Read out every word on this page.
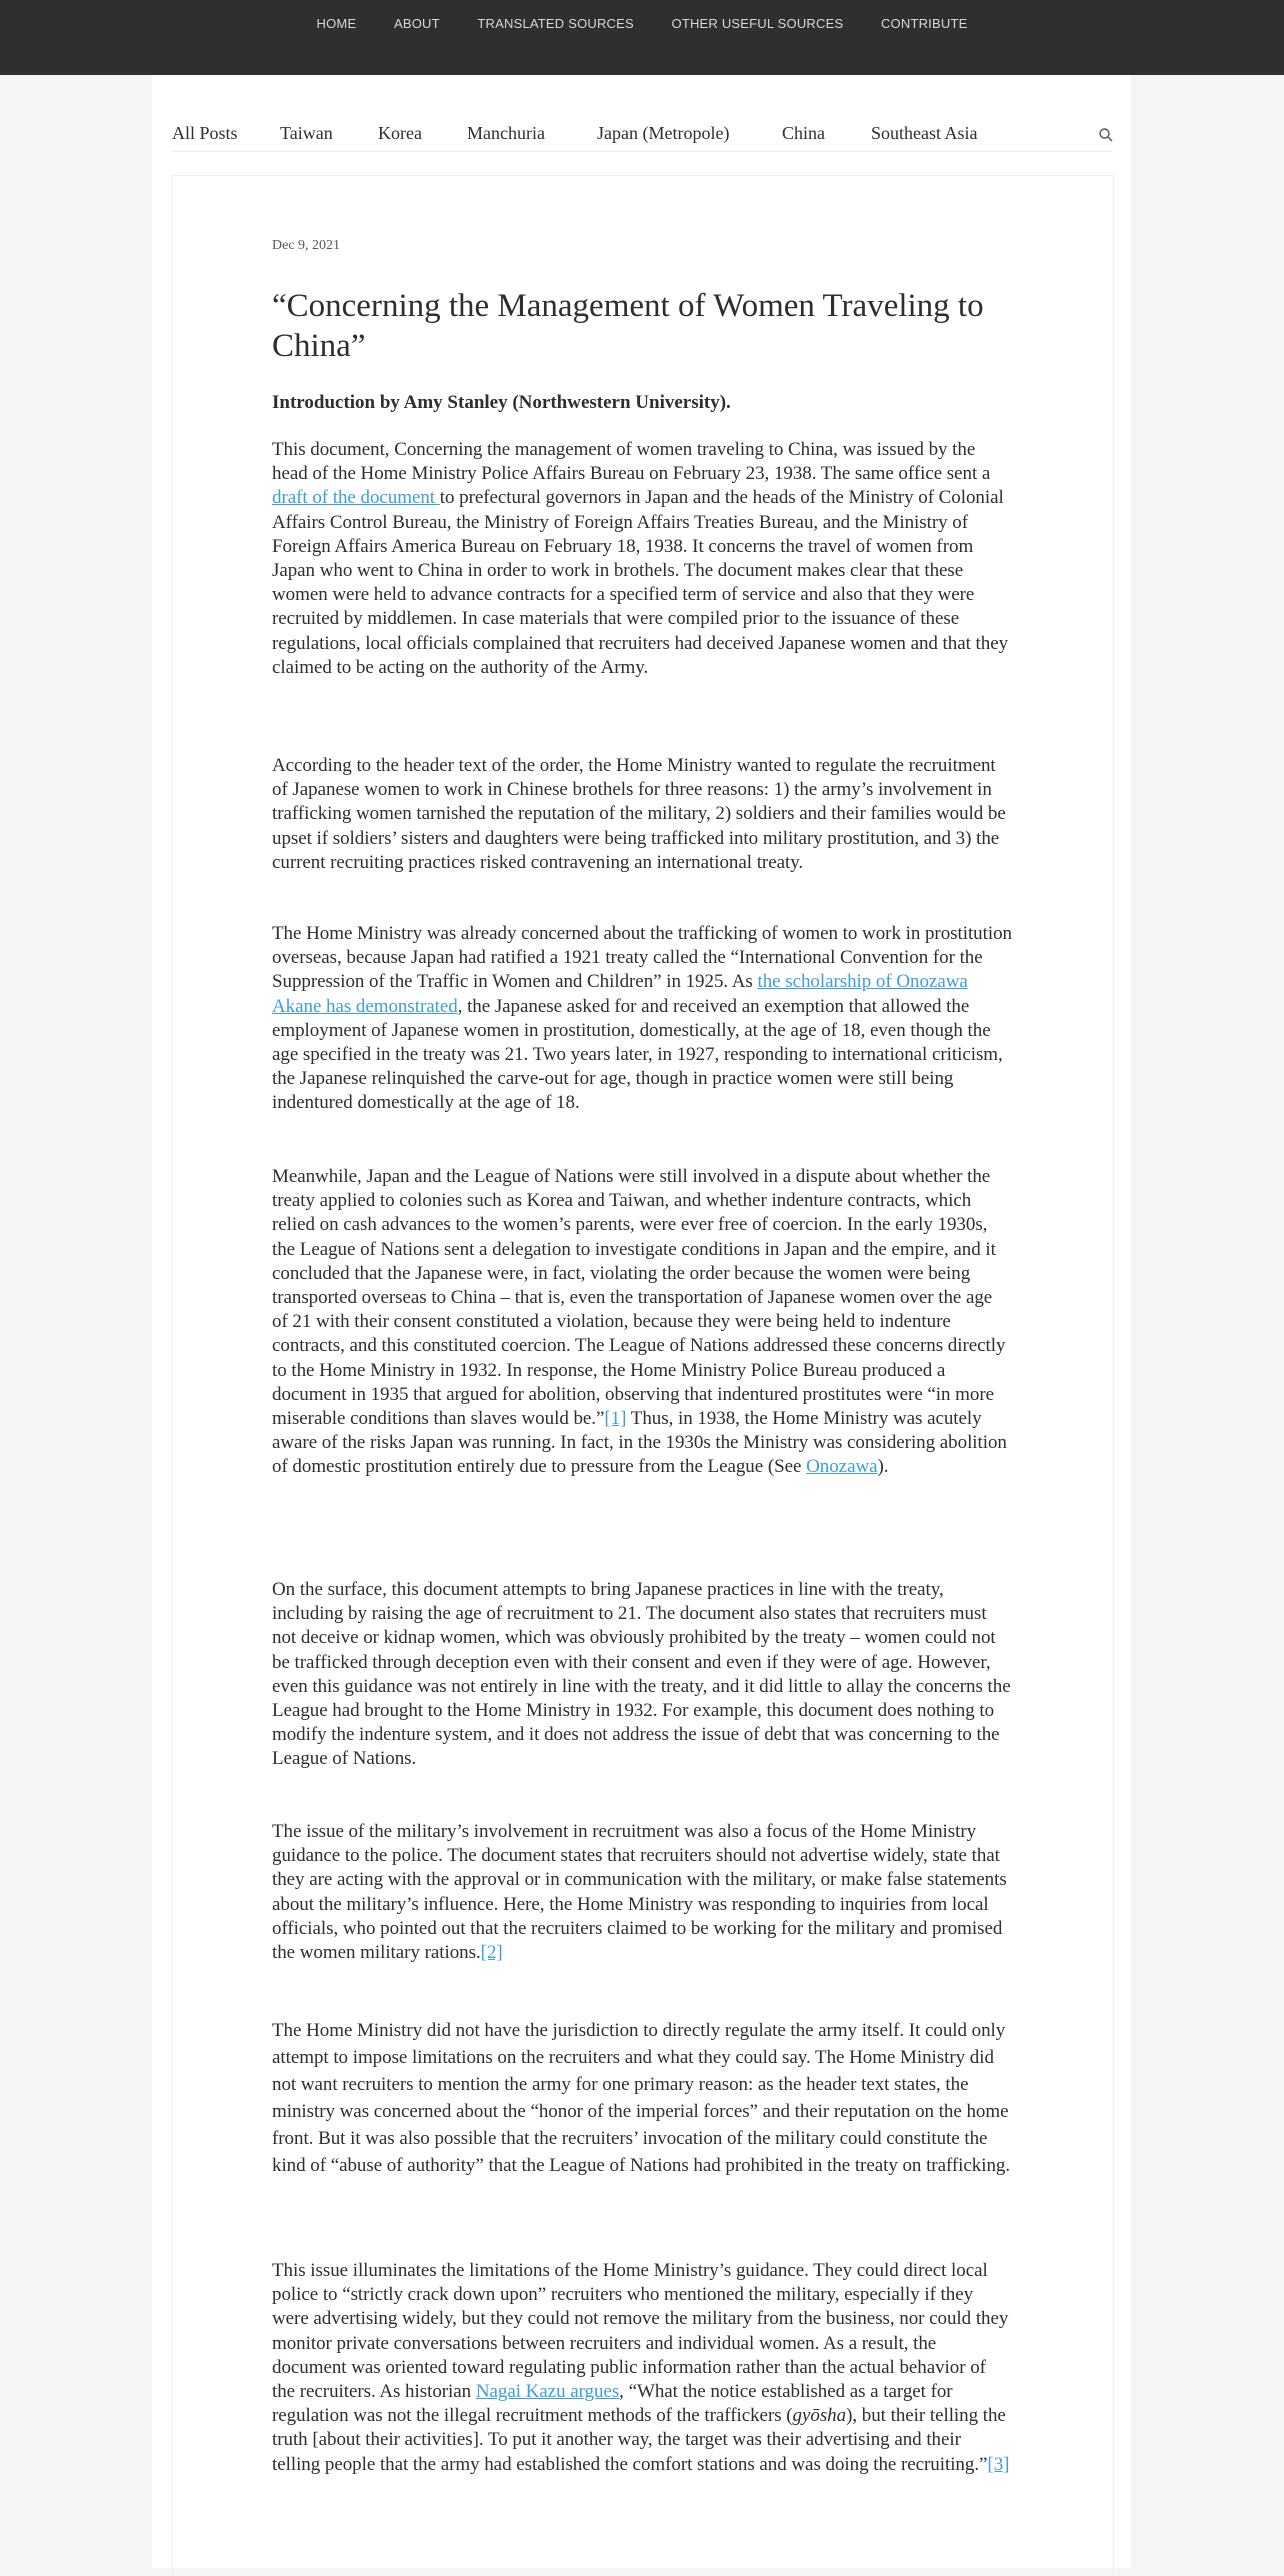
HOME	ABOUT	TRANSLATED SOURCES	OTHER USEFUL SOURCES	CONTRIBUTE
All Posts Taiwan	Korea	Manchuria	Japan (Metropole)	China	Southeast Asia
Dec 9, 2021
“Concerning the Management of Women Traveling to China”
Introduction by Amy Stanley (Northwestern University).

This document, Concerning the management of women traveling to China, was issued by the head of the Home Ministry Police Affairs Bureau on February 23, 1938. The same office sent a draft of the document to prefectural governors in Japan and the heads of the Ministry of Colonial Affairs Control Bureau, the Ministry of Foreign Affairs Treaties Bureau, and the Ministry of Foreign Affairs America Bureau on February 18, 1938. It concerns the travel of women from Japan who went to China in order to work in brothels. The document makes clear that these women were held to advance contracts for a specified term of service and also that they were recruited by middlemen. In case materials that were compiled prior to the issuance of these regulations, local officials complained that recruiters had deceived Japanese women and that they claimed to be acting on the authority of the Army.

According to the header text of the order, the Home Ministry wanted to regulate the recruitment of Japanese women to work in Chinese brothels for three reasons: 1) the army’s involvement in trafficking women tarnished the reputation of the military, 2) soldiers and their families would be upset if soldiers’ sisters and daughters were being trafficked into military prostitution, and 3) the current recruiting practices risked contravening an international treaty.

The Home Ministry was already concerned about the trafficking of women to work in prostitution overseas, because Japan had ratified a 1921 treaty called the “International Convention for the Suppression of the Traffic in Women and Children” in 1925. As the scholarship of Onozawa Akane has demonstrated, the Japanese asked for and received an exemption that allowed the employment of Japanese women in prostitution, domestically, at the age of 18, even though the age specified in the treaty was 21. Two years later, in 1927, responding to international criticism, the Japanese relinquished the carve-out for age, though in practice women were still being indentured domestically at the age of 18.

Meanwhile, Japan and the League of Nations were still involved in a dispute about whether the treaty applied to colonies such as Korea and Taiwan, and whether indenture contracts, which relied on cash advances to the women’s parents, were ever free of coercion. In the early 1930s, the League of Nations sent a delegation to investigate conditions in Japan and the empire, and it concluded that the Japanese were, in fact, violating the order because the women were being transported overseas to China – that is, even the transportation of Japanese women over the age of 21 with their consent constituted a violation, because they were being held to indenture contracts, and this constituted coercion. The League of Nations addressed these concerns directly to the Home Ministry in 1932. In response, the Home Ministry Police Bureau produced a document in 1935 that argued for abolition, observing that indentured prostitutes were “in more miserable conditions than slaves would be.”[1] Thus, in 1938, the Home Ministry was acutely aware of the risks Japan was running. In fact, in the 1930s the Ministry was considering abolition of domestic prostitution entirely due to pressure from the League (See Onozawa).

On the surface, this document attempts to bring Japanese practices in line with the treaty, including by raising the age of recruitment to 21. The document also states that recruiters must not deceive or kidnap women, which was obviously prohibited by the treaty – women could not be trafficked through deception even with their consent and even if they were of age. However, even this guidance was not entirely in line with the treaty, and it did little to allay the concerns the League had brought to the Home Ministry in 1932. For example, this document does nothing to modify the indenture system, and it does not address the issue of debt that was concerning to the League of Nations.

The issue of the military’s involvement in recruitment was also a focus of the Home Ministry guidance to the police. The document states that recruiters should not advertise widely, state that they are acting with the approval or in communication with the military, or make false statements about the military’s influence. Here, the Home Ministry was responding to inquiries from local officials, who pointed out that the recruiters claimed to be working for the military and promised the women military rations.[2]

The Home Ministry did not have the jurisdiction to directly regulate the army itself. It could only attempt to impose limitations on the recruiters and what they could say. The Home Ministry did not want recruiters to mention the army for one primary reason: as the header text states, the ministry was concerned about the “honor of the imperial forces” and their reputation on the home front. But it was also possible that the recruiters’ invocation of the military could constitute the kind of “abuse of authority” that the League of Nations had prohibited in the treaty on trafficking.

This issue illuminates the limitations of the Home Ministry’s guidance. They could direct local police to “strictly crack down upon” recruiters who mentioned the military, especially if they were advertising widely, but they could not remove the military from the business, nor could they monitor private conversations between recruiters and individual women. As a result, the document was oriented toward regulating public information rather than the actual behavior of the recruiters. As historian Nagai Kazu argues, “What the notice established as a target for regulation was not the illegal recruitment methods of the traffickers (gyōsha), but their telling the truth [about their activities]. To put it another way, the target was their advertising and their telling people that the army had established the comfort stations and was doing the recruiting.”[3]
